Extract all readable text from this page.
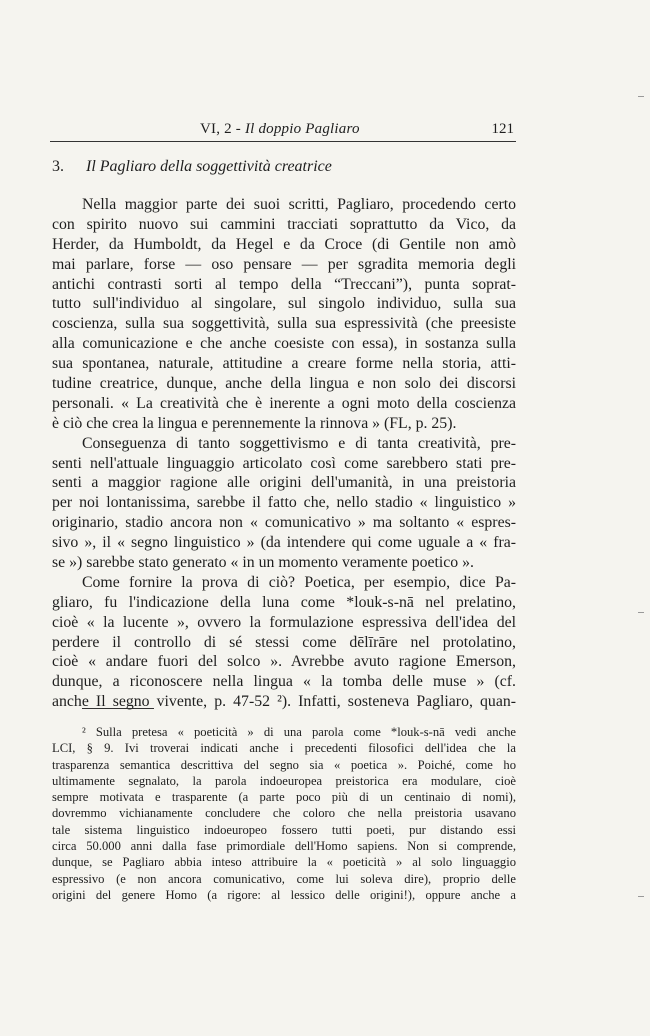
VI, 2 - Il doppio Pagliaro	121
3. Il Pagliaro della soggettività creatrice
Nella maggior parte dei suoi scritti, Pagliaro, procedendo certo
con spirito nuovo sui cammini tracciati soprattutto da Vico, da
Herder, da Humboldt, da Hegel e da Croce (di Gentile non amò
mai parlare, forse — oso pensare — per sgradita memoria degli
antichi contrasti sorti al tempo della “Treccani”), punta soprat-
tutto sull'individuo al singolare, sul singolo individuo, sulla sua
coscienza, sulla sua soggettività, sulla sua espressività (che preesiste
alla comunicazione e che anche coesiste con essa), in sostanza sulla
sua spontanea, naturale, attitudine a creare forme nella storia, atti-
tudine creatrice, dunque, anche della lingua e non solo dei discorsi
personali. « La creatività che è inerente a ogni moto della coscienza
è ciò che crea la lingua e perennemente la rinnova » (FL, p. 25).
Conseguenza di tanto soggettivismo e di tanta creatività, pre-
senti nell'attuale linguaggio articolato così come sarebbero stati pre-
senti a maggior ragione alle origini dell'umanità, in una preistoria
per noi lontanissima, sarebbe il fatto che, nello stadio « linguistico »
originario, stadio ancora non « comunicativo » ma soltanto « espres-
sivo », il « segno linguistico » (da intendere qui come uguale a « fra-
se ») sarebbe stato generato « in un momento veramente poetico ».
Come fornire la prova di ciò? Poetica, per esempio, dice Pa-
gliaro, fu l'indicazione della luna come *louk-s-nā nel prelatino,
cioè « la lucente », ovvero la formulazione espressiva dell'idea del
perdere il controllo di sé stessi come dēlīrāre nel protolatino,
cioè « andare fuori del solco ». Avrebbe avuto ragione Emerson,
dunque, a riconoscere nella lingua « la tomba delle muse » (cf.
anche Il segno vivente, p. 47-52 ²). Infatti, sosteneva Pagliaro, quan-
² Sulla pretesa « poeticità » di una parola come *louk-s-nā vedi anche
LCI, § 9. Ivi troverai indicati anche i precedenti filosofici dell'idea che la
trasparenza semantica descrittiva del segno sia « poetica ». Poiché, come ho
ultimamente segnalato, la parola indoeuropea preistorica era modulare, cioè
sempre motivata e trasparente (a parte poco più di un centinaio di nomi),
dovremmo vichianamente concludere che coloro che nella preistoria usavano
tale sistema linguistico indoeuropeo fossero tutti poeti, pur distando essi
circa 50.000 anni dalla fase primordiale dell'Homo sapiens. Non si comprende,
dunque, se Pagliaro abbia inteso attribuire la « poeticità » al solo linguaggio
espressivo (e non ancora comunicativo, come lui soleva dire), proprio delle
origini del genere Homo (a rigore: al lessico delle origini!), oppure anche a
